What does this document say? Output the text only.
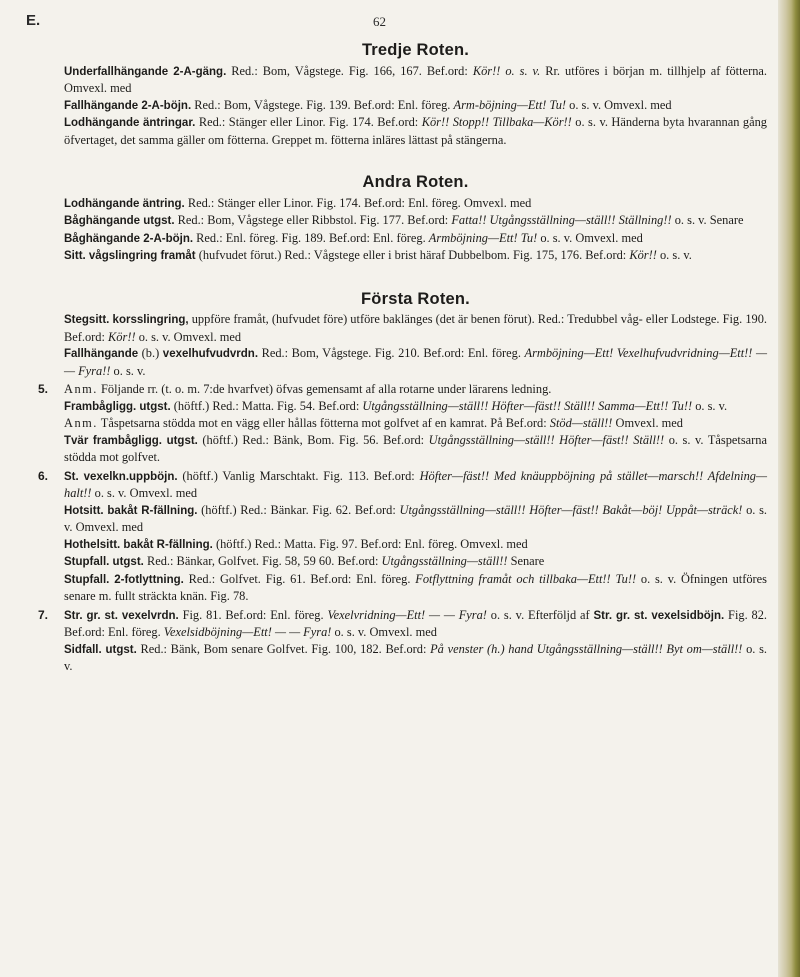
E.	62
Tredje Roten.

Underfallhängande 2-A-gäng. Red.: Bom, Vågstege. Fig. 166, 167. Bef.ord: Kör!! o. s. v. Rr. utföres i början m. tillhjelp af fötterna. Omvexl. med

Fallhängande 2-A-böjn. Red.: Bom, Vågstege. Fig. 139. Bef.ord: Enl. föreg. Arm-böjning—Ett! Tu! o. s. v. Omvexl. med

Lodhängande äntringar. Red.: Stänger eller Linor. Fig. 174. Bef.ord: Kör!! Stopp!! Tillbaka—Kör!! o. s. v. Händerna byta hvarannan gång öfvertaget, det samma gäller om fötterna. Greppet m. fötterna inläres lättast på stängerna.

Andra Roten.

Lodhängande äntring. Red.: Stänger eller Linor. Fig. 174. Bef.ord: Enl. föreg. Omvexl. med

Båghängande utgst. Red.: Bom, Vågstege eller Ribbstol. Fig. 177. Bef.ord: Fatta!! Utgångsställning—ställ!! Ställning!! o. s. v. Senare

Båghängande 2-A-böjn. Red.: Enl. föreg. Fig. 189. Bef.ord: Enl. föreg. Armböjning—Ett! Tu! o. s. v. Omvexl. med

Sitt. vågslingring framåt (hufvudet förut.) Red.: Vågstege eller i brist häraf Dubbelbom. Fig. 175, 176. Bef.ord: Kör!! o. s. v.

Första Roten.

Stegsitt. korsslingring, uppföre framåt, (hufvudet före) utföre baklänges (det är benen förut). Red.: Tredubbel våg- eller Lodstege. Fig. 190. Bef.ord: Kör!! o. s. v. Omvexl. med

Fallhängande (b.) vexelhufvudvrdn. Red.: Bom, Vågstege. Fig. 210. Bef.ord: Enl. föreg. Armböjning—Ett! Vexelhufvudvridning—Ett!! — — Fyra!! o. s. v.

5. Anm. Följande rr. (t. o. m. 7:de hvarfvet) öfvas gemensamt af alla rotarne under lärarens ledning.

Frambågligg. utgst. (höftf.) Red.: Matta. Fig. 54. Bef.ord: Utgångsställning—ställ!! Höfter—fäst!! Ställ!! Samma—Ett!! Tu!! o. s. v.

Anm. Tåspetsarna stödda mot en vägg eller hållas fötterna mot golfvet af en kamrat. På Bef.ord: Stöd—ställ!! Omvexl. med

Tvär frambågligg. utgst. (höftf.) Red.: Bänk, Bom. Fig. 56. Bef.ord: Utgångsställning—ställ!! Höfter—fäst!! Ställ!! o. s. v. Tåspetsarna stödda mot golfvet.

6. St. vexelkn.uppböjn. (höftf.) Vanlig Marschtakt. Fig. 113. Bef.ord: Höfter—fäst!! Med knäuppböjning på stället—marsch!! Afdelning—halt!! o. s. v. Omvexl. med

Hotsitt. bakåt R-fällning. (höftf.) Red.: Bänkar. Fig. 62. Bef.ord: Utgångsställning—ställ!! Höfter—fäst!! Bakåt—böj! Uppåt—sträck! o. s. v. Omvexl. med

Hothelsitt. bakåt R-fällning. (höftf.) Red.: Matta. Fig. 97. Bef.ord: Enl. föreg. Omvexl. med

Stupfall. utgst. Red.: Bänkar, Golfvet. Fig. 58, 59 60. Bef.ord: Utgångsställning—ställ!! Senare

Stupfall. 2-fotlyttning. Red.: Golfvet. Fig. 61. Bef.ord: Enl. föreg. Fotflyttning framåt och tillbaka—Ett!! Tu!! o. s. v. Öfningen utföres senare m. fullt sträckta knän. Fig. 78.

7. Str. gr. st. vexelvrdn. Fig. 81. Bef.ord: Enl. föreg. Vexelvridning—Ett! — — Fyra! o. s. v. Efterföljd af Str. gr. st. vexelsidböjn. Fig. 82. Bef.ord: Enl. föreg. Vexelsidböjning—Ett! — — Fyra! o. s. v. Omvexl. med

Sidfall. utgst. Red.: Bänk, Bom senare Golfvet. Fig. 100, 182. Bef.ord: På venster (h.) hand Utgångsställning—ställ!! Byt om—ställ!! o. s. v.
